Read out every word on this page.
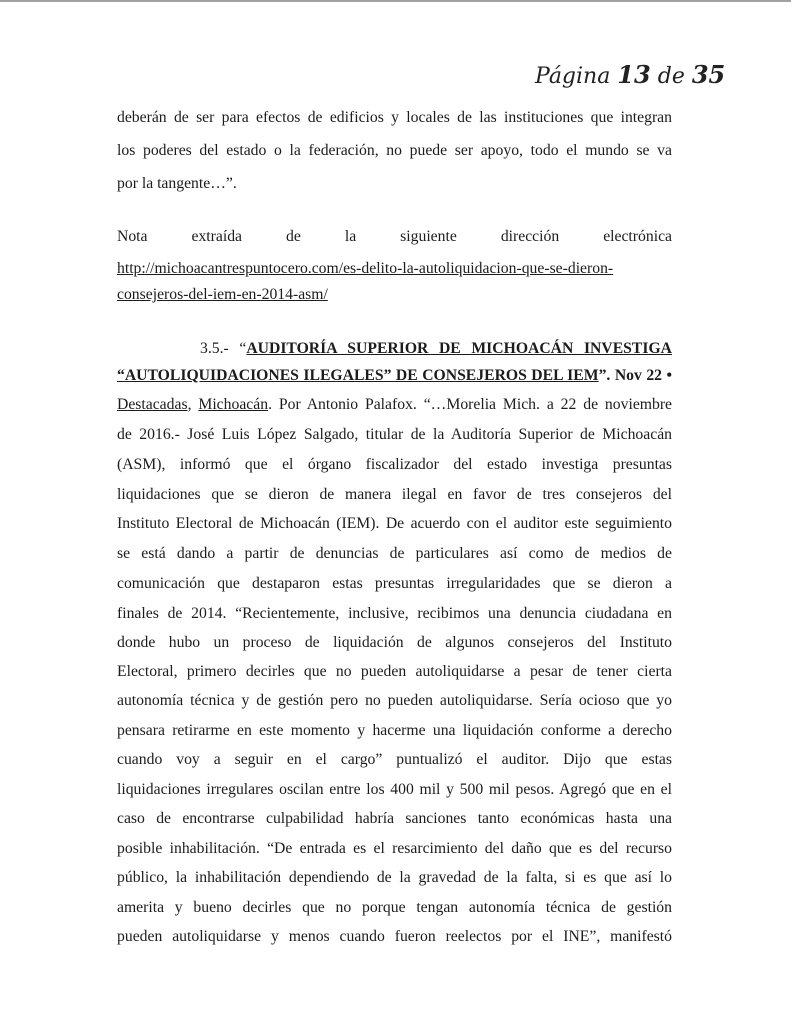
Página 13 de 35
deberán de ser para efectos de edificios y locales de las instituciones que integran
los poderes del estado o la federación, no puede ser apoyo, todo el mundo se va
por la tangente…”.
Nota	extraída	de	la	siguiente	dirección	electrónica
http://michoacantrespuntocero.com/es-delito-la-autoliquidacion-que-se-dieron-
consejeros-del-iem-en-2014-asm/
3.5.- “AUDITORÍA SUPERIOR DE MICHOACÁN INVESTIGA
“AUTOLIQUIDACIONES ILEGALES” DE CONSEJEROS DEL IEM”. Nov 22 •
Destacadas, Michoacán. Por Antonio Palafox. “…Morelia Mich. a 22 de noviembre
de 2016.- José Luis López Salgado, titular de la Auditoría Superior de Michoacán
(ASM), informó que el órgano fiscalizador del estado investiga presuntas
liquidaciones que se dieron de manera ilegal en favor de tres consejeros del
Instituto Electoral de Michoacán (IEM). De acuerdo con el auditor este seguimiento
se está dando a partir de denuncias de particulares así como de medios de
comunicación que destaparon estas presuntas irregularidades que se dieron a
finales de 2014. “Recientemente, inclusive, recibimos una denuncia ciudadana en
donde hubo un proceso de liquidación de algunos consejeros del Instituto
Electoral, primero decirles que no pueden autoliquidarse a pesar de tener cierta
autonomía técnica y de gestión pero no pueden autoliquidarse. Sería ocioso que yo
pensara retirarme en este momento y hacerme una liquidación conforme a derecho
cuando voy a seguir en el cargo” puntualizó el auditor. Dijo que estas
liquidaciones irregulares oscilan entre los 400 mil y 500 mil pesos. Agregó que en el
caso de encontrarse culpabilidad habría sanciones tanto económicas hasta una
posible inhabilitación. “De entrada es el resarcimiento del daño que es del recurso
público, la inhabilitación dependiendo de la gravedad de la falta, si es que así lo
amerita y bueno decirles que no porque tengan autonomía técnica de gestión
pueden autoliquidarse y menos cuando fueron reelectos por el INE”, manifestó
